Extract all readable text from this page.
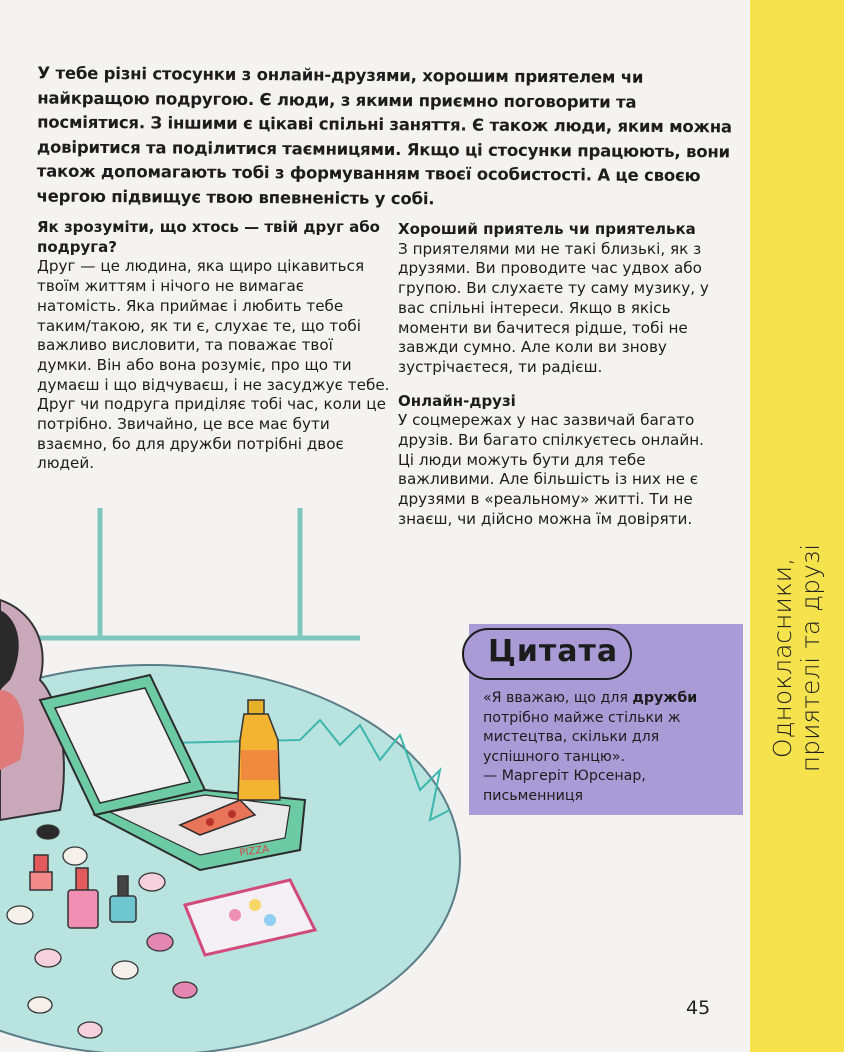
PIZZA
Однокласники, приятелі та друзі

У тебе різні стосунки з онлайн-друзями, хорошим приятелем чи найкращою подругою. Є люди, з якими приємно поговорити та посміятися. З іншими є цікаві спільні заняття. Є також люди, яким можна довіритися та поділитися таємницями. Якщо ці стосунки працюють, вони також допомагають тобі з формуванням твоєї особистості. А це своєю чергою підвищує твою впевненість у собі.

Як зрозуміти, що хтось — твій друг або подруга?

Друг — це людина, яка щиро цікавиться твоїм життям і нічого не вимагає натомість. Яка приймає і любить тебе таким/такою, як ти є, слухає те, що тобі важливо висловити, та поважає твої думки. Він або вона розуміє, про що ти думаєш і що відчуваєш, і не засуджує тебе. Друг чи подруга приділяє тобі час, коли це потрібно. Звичайно, це все має бути взаємно, бо для дружби потрібні двоє людей.

Хороший приятель чи приятелька

З приятелями ми не такі близькі, як з друзями. Ви проводите час удвох або групою. Ви слухаєте ту саму музику, у вас спільні інтереси. Якщо в якісь моменти ви бачитеся рідше, тобі не завжди сумно. Але коли ви знову зустрічаєтеся, ти радієш.

Онлайн-друзі

У соцмережах у нас зазвичай багато друзів. Ви багато спілкуєтесь онлайн. Ці люди можуть бути для тебе важливими. Але більшість із них не є друзями в «реальному» житті. Ти не знаєш, чи дійсно можна їм довіряти.

Цитата
«Я вважаю, що для дружби потрібно майже стільки ж мистецтва, скільки для успішного танцю».
— Маргеріт Юрсенар, письменниця
45
